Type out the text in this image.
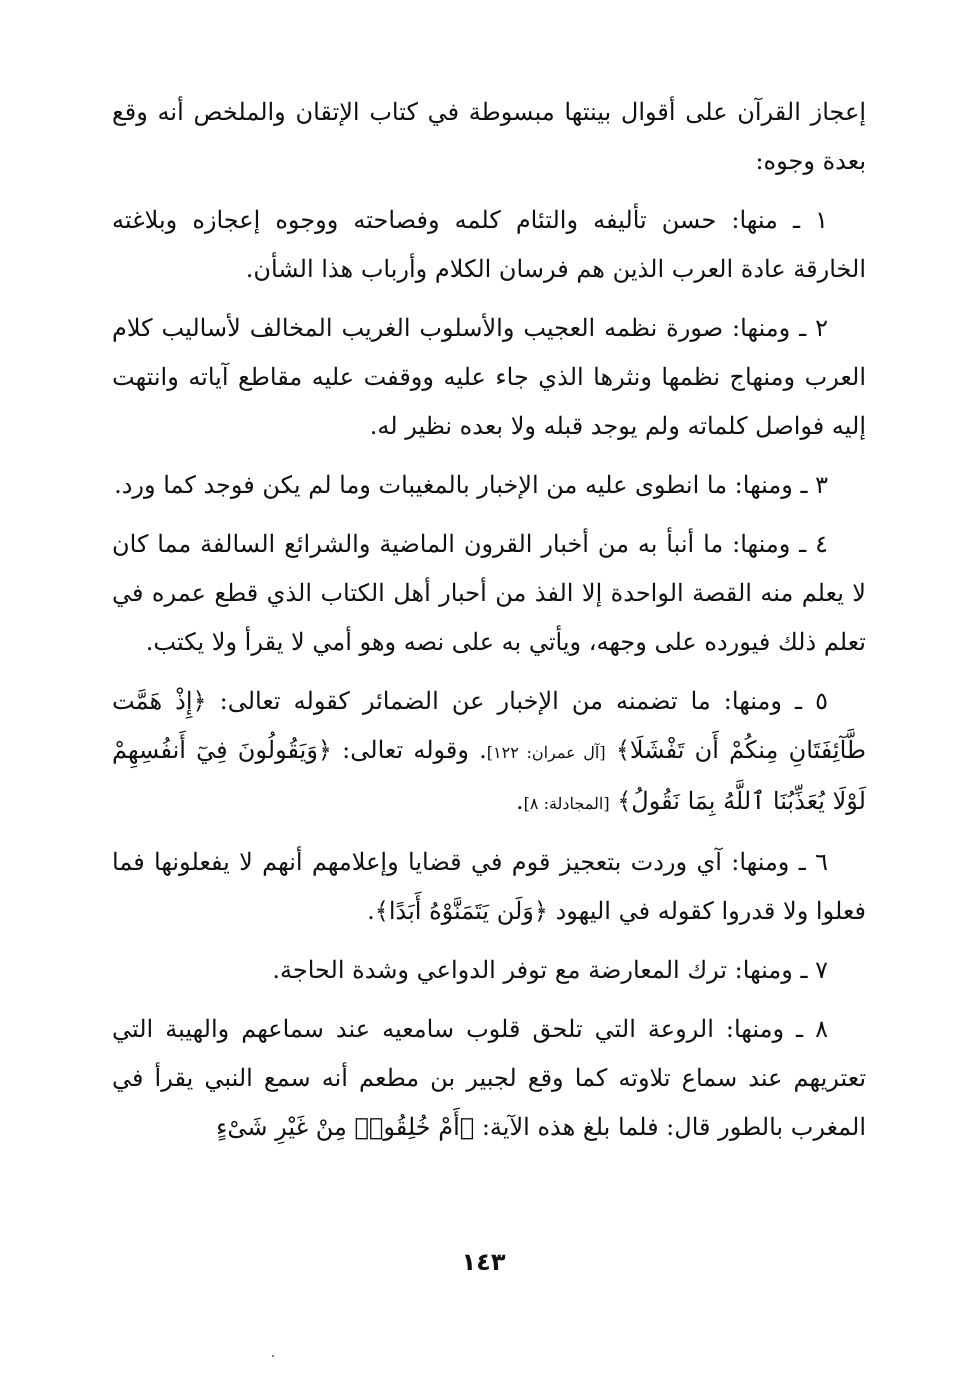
إعجاز القرآن على أقوال بينتها مبسوطة في كتاب الإتقان والملخص أنه وقع بعدة وجوه:

١ ـ منها: حسن تأليفه والتئام كلمه وفصاحته ووجوه إعجازه وبلاغته الخارقة عادة العرب الذين هم فرسان الكلام وأرباب هذا الشأن.

٢ ـ ومنها: صورة نظمه العجيب والأسلوب الغريب المخالف لأساليب كلام العرب ومنهاج نظمها ونثرها الذي جاء عليه ووقفت عليه مقاطع آياته وانتهت إليه فواصل كلماته ولم يوجد قبله ولا بعده نظير له.

٣ ـ ومنها: ما انطوى عليه من الإخبار بالمغيبات وما لم يكن فوجد كما ورد.

٤ ـ ومنها: ما أنبأ به من أخبار القرون الماضية والشرائع السالفة مما كان لا يعلم منه القصة الواحدة إلا الفذ من أحبار أهل الكتاب الذي قطع عمره في تعلم ذلك فيورده على وجهه، ويأتي به على نصه وهو أمي لا يقرأ ولا يكتب.

٥ ـ ومنها: ما تضمنه من الإخبار عن الضمائر كقوله تعالى: ﴿إِذْ هَمَّت طَّآئِفَتَانِ مِنكُمْ أَن تَفْشَلَا﴾ [آل عمران: ١٢٢]. وقوله تعالى: ﴿وَيَقُولُونَ فِيٓ أَنفُسِهِمْ لَوْلَا يُعَذِّبُنَا ٱللَّهُ بِمَا نَقُولُ﴾ [المجادلة: ٨].

٦ ـ ومنها: آي وردت بتعجيز قوم في قضايا وإعلامهم أنهم لا يفعلونها فما فعلوا ولا قدروا كقوله في اليهود ﴿وَلَن يَتَمَنَّوْهُ أَبَدًا﴾.

٧ ـ ومنها: ترك المعارضة مع توفر الدواعي وشدة الحاجة.

٨ ـ ومنها: الروعة التي تلحق قلوب سامعيه عند سماعهم والهيبة التي تعتريهم عند سماع تلاوته كما وقع لجبير بن مطعم أنه سمع النبي يقرأ في المغرب بالطور قال: فلما بلغ هذه الآية: ﴿أَمْ خُلِقُوا۟ مِنْ غَيْرِ شَىْءٍ

١٤٣
